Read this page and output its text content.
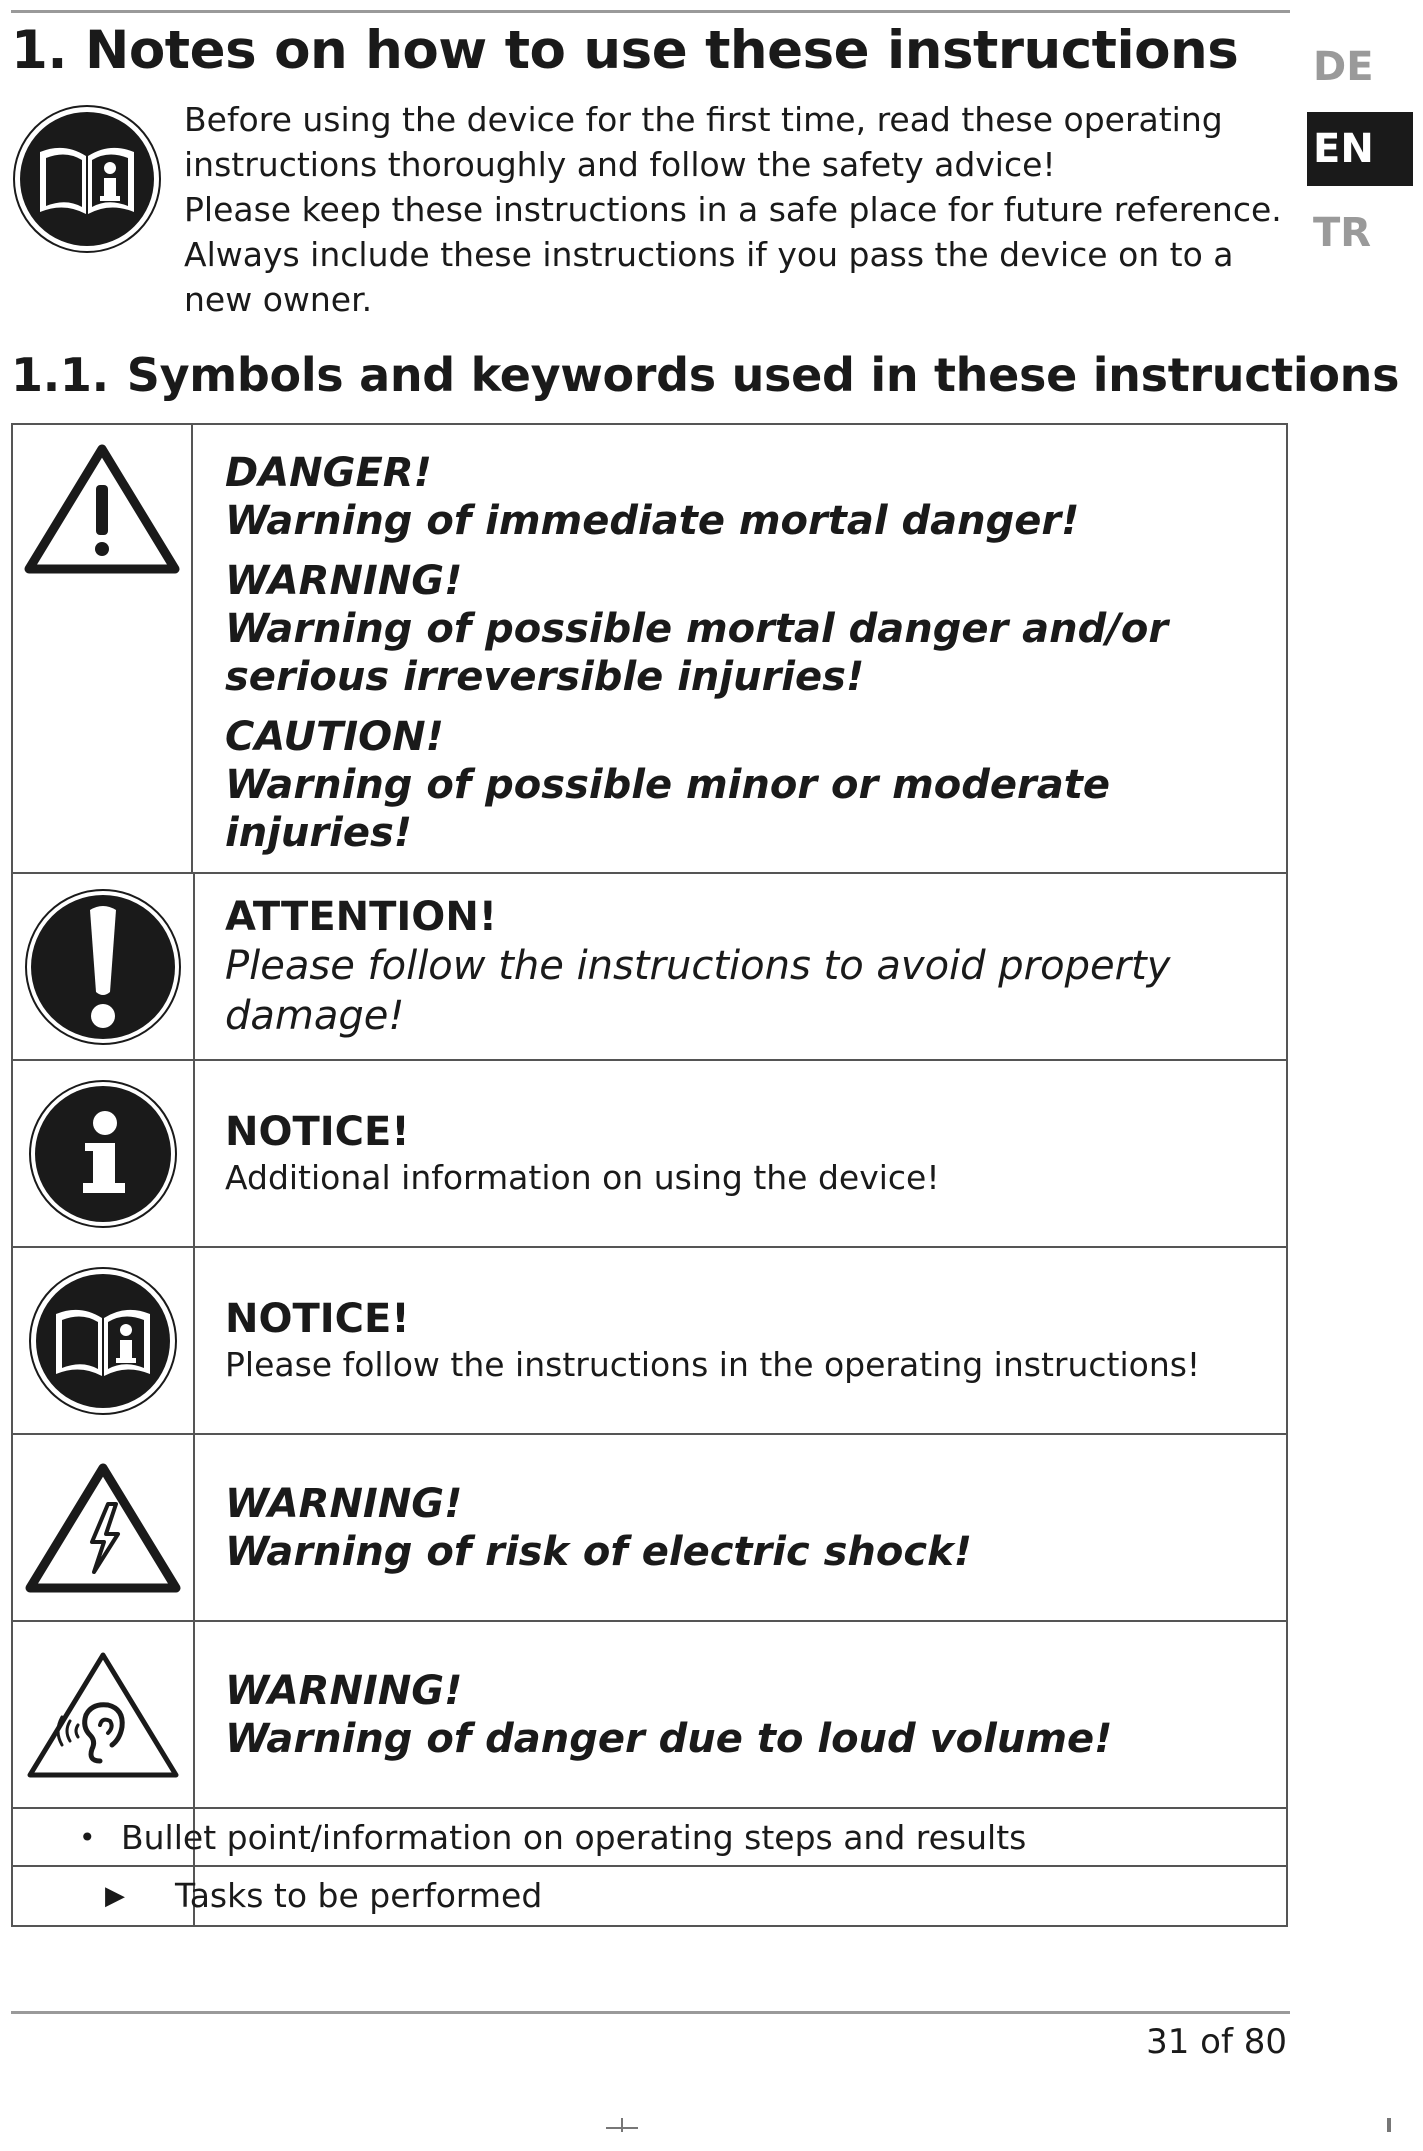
1. Notes on how to use these instructions

Before using the device for the first time, read these operating instructions thoroughly and follow the safety advice!

Please keep these instructions in a safe place for future reference. Always include these instructions if you pass the device on to a new owner.

DE
EN
TR
1.1. Symbols and keywords used in these instructions
DANGER!
Warning of immediate mortal danger!
WARNING!
Warning of possible mortal danger and/or serious irreversible injuries!
CAUTION!
Warning of possible minor or moderate injuries!
ATTENTION!
Please follow the instructions to avoid property damage!
NOTICE!
Additional information on using the device!
NOTICE!
Please follow the instructions in the operating instructions!
WARNING!
Warning of risk of electric shock!
WARNING!
Warning of danger due to loud volume!
• Bullet point/information on operating steps and results
▶ Tasks to be performed
31 of 80
